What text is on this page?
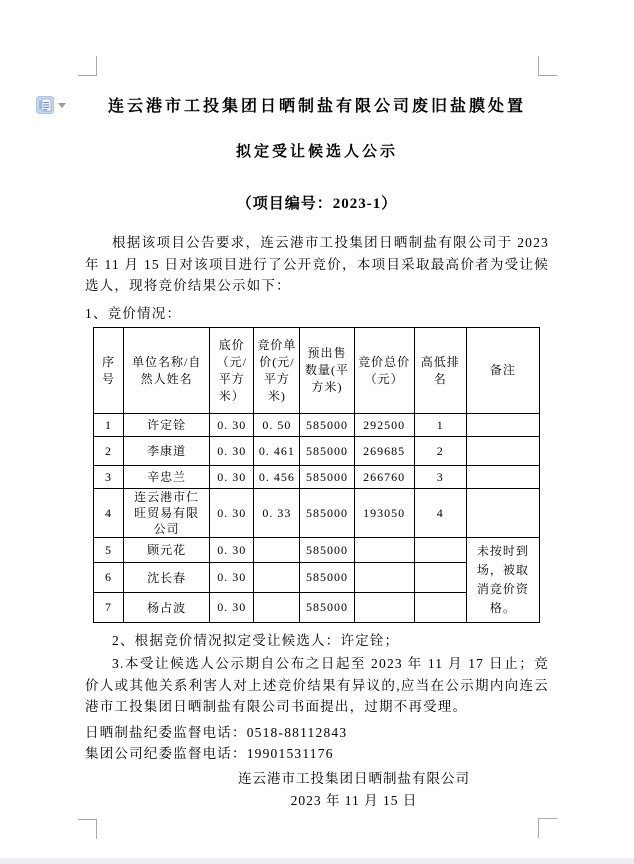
连云港市工投集团日晒制盐有限公司废旧盐膜处置
拟定受让候选人公示
（项目编号：2023-1）

根据该项目公告要求，连云港市工投集团日晒制盐有限公司于 2023 年 11 月 15 日对该项目进行了公开竞价，本项目采取最高价者为受让候选人，现将竞价结果公示如下：

1、竞价情况：

序号	单位名称/自然人姓名	底价（元/平方米）	竞价单价(元/平方米)	预出售数量(平方米)	竞价总价（元）	高低排名	备注
1	许定铨	0. 30	0. 50	585000	292500	1	
2	李康道	0. 30	0. 461	585000	269685	2	
3	辛忠兰	0. 30	0. 456	585000	266760	3	
4	连云港市仁旺贸易有限公司	0. 30	0. 33	585000	193050	4	
5	顾元花	0. 30		585000			未按时到场，被取消竞价资格。
6	沈长春	0. 30		585000			
7	杨占波	0. 30		585000			

2、根据竞价情况拟定受让候选人：许定铨；

3.本受让候选人公示期自公布之日起至 2023 年 11 月 17 日止；竞价人或其他关系利害人对上述竞价结果有异议的,应当在公示期内向连云港市工投集团日晒制盐有限公司书面提出，过期不再受理。

日晒制盐纪委监督电话：0518-88112843

集团公司纪委监督电话：19901531176

连云港市工投集团日晒制盐有限公司

2023 年 11 月 15 日
